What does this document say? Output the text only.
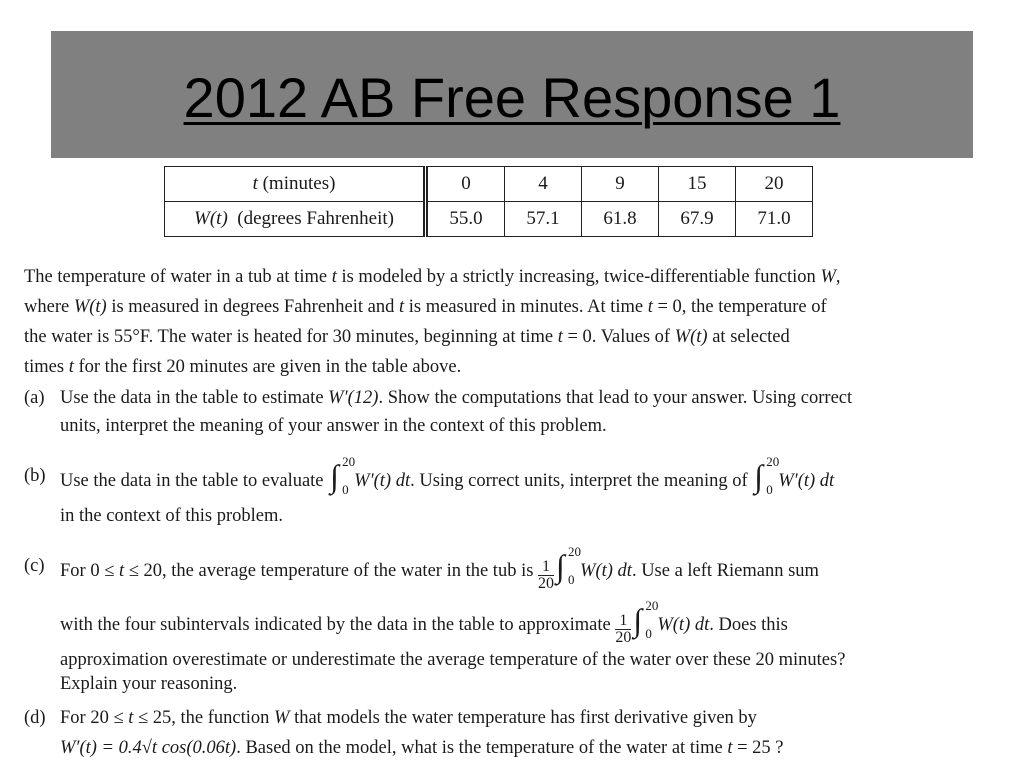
2012 AB Free Response 1
t (minutes)	0	4	9	15	20
W(t) (degrees Fahrenheit)	55.0	57.1	61.8	67.9	71.0
The temperature of water in a tub at time t is modeled by a strictly increasing, twice-differentiable function W,
where W(t) is measured in degrees Fahrenheit and t is measured in minutes. At time t = 0, the temperature of
the water is 55°F. The water is heated for 30 minutes, beginning at time t = 0. Values of W(t) at selected
times t for the first 20 minutes are given in the table above.
(a) Use the data in the table to estimate W′(12). Show the computations that lead to your answer. Using correct
units, interpret the meaning of your answer in the context of this problem.
(b) Use the data in the table to evaluate ∫ 20
0 W′(t) dt. Using correct units, interpret the meaning of ∫ 20
0 W′(t) dt
in the context of this problem.
(c) For 0 ≤ t ≤ 20, the average temperature of the water in the tub is $\frac{1}{20}$ ∫ 20
0 W(t) dt. Use a left Riemann sum
with the four subintervals indicated by the data in the table to approximate $\frac{1}{20}$ ∫ 20
0 W(t) dt. Does this
approximation overestimate or underestimate the average temperature of the water over these 20 minutes?
Explain your reasoning.
(d) For 20 ≤ t ≤ 25, the function W that models the water temperature has first derivative given by
W′(t) = 0.4√t cos(0.06t). Based on the model, what is the temperature of the water at time t = 25 ?
